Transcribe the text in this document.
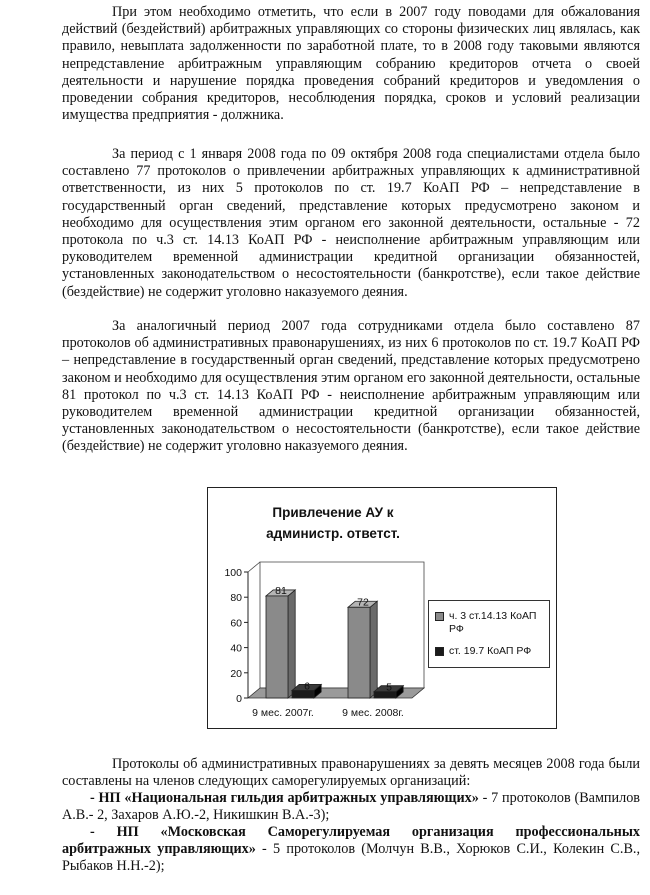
При этом необходимо отметить, что если в 2007 году поводами для обжалования действий (бездействий) арбитражных управляющих со стороны физических лиц являлась, как правило, невыплата задолженности по заработной плате, то в 2008 году таковыми являются непредставление арбитражным управляющим собранию кредиторов отчета о своей деятельности и нарушение порядка проведения собраний кредиторов и уведомления о проведении собрания кредиторов, несоблюдения порядка, сроков и условий реализации имущества предприятия - должника.

За период с 1 января 2008 года по 09 октября 2008 года специалистами отдела было составлено 77 протоколов о привлечении арбитражных управляющих к административной ответственности, из них 5 протоколов по ст. 19.7 КоАП РФ – непредставление в государственный орган сведений, представление которых предусмотрено законом и необходимо для осуществления этим органом его законной деятельности, остальные - 72 протокола по ч.3 ст. 14.13 КоАП РФ - неисполнение арбитражным управляющим или руководителем временной администрации кредитной организации обязанностей, установленных законодательством о несостоятельности (банкротстве), если такое действие (бездействие) не содержит уголовно наказуемого деяния.

За аналогичный период 2007 года сотрудниками отдела было составлено 87 протоколов об административных правонарушениях, из них 6 протоколов по ст. 19.7 КоАП РФ – непредставление в государственный орган сведений, представление которых предусмотрено законом и необходимо для осуществления этим органом его законной деятельности, остальные 81 протокол по ч.3 ст. 14.13 КоАП РФ - неисполнение арбитражным управляющим или руководителем временной администрации кредитной организации обязанностей, установленных законодательством о несостоятельности (банкротстве), если такое действие (бездействие) не содержит уголовно наказуемого деяния.

Привлечение АУ к администр. ответст.
0
20
40
60
80
100
81
6
9 мес. 2007г.
72
5
9 мес. 2008г.
ч. 3 ст.14.13 КоАП РФ
ст. 19.7 КоАП РФ

Протоколы об административных правонарушениях за девять месяцев 2008 года были составлены на членов следующих саморегулируемых организаций:

- НП «Национальная гильдия арбитражных управляющих» - 7 протоколов (Вампилов А.В.- 2, Захаров А.Ю.-2, Никишкин В.А.-3);

- НП «Московская Саморегулируемая организация профессиональных арбитражных управляющих» - 5 протоколов (Молчун В.В., Хорюков С.И., Колекин С.В., Рыбаков Н.Н.-2);
